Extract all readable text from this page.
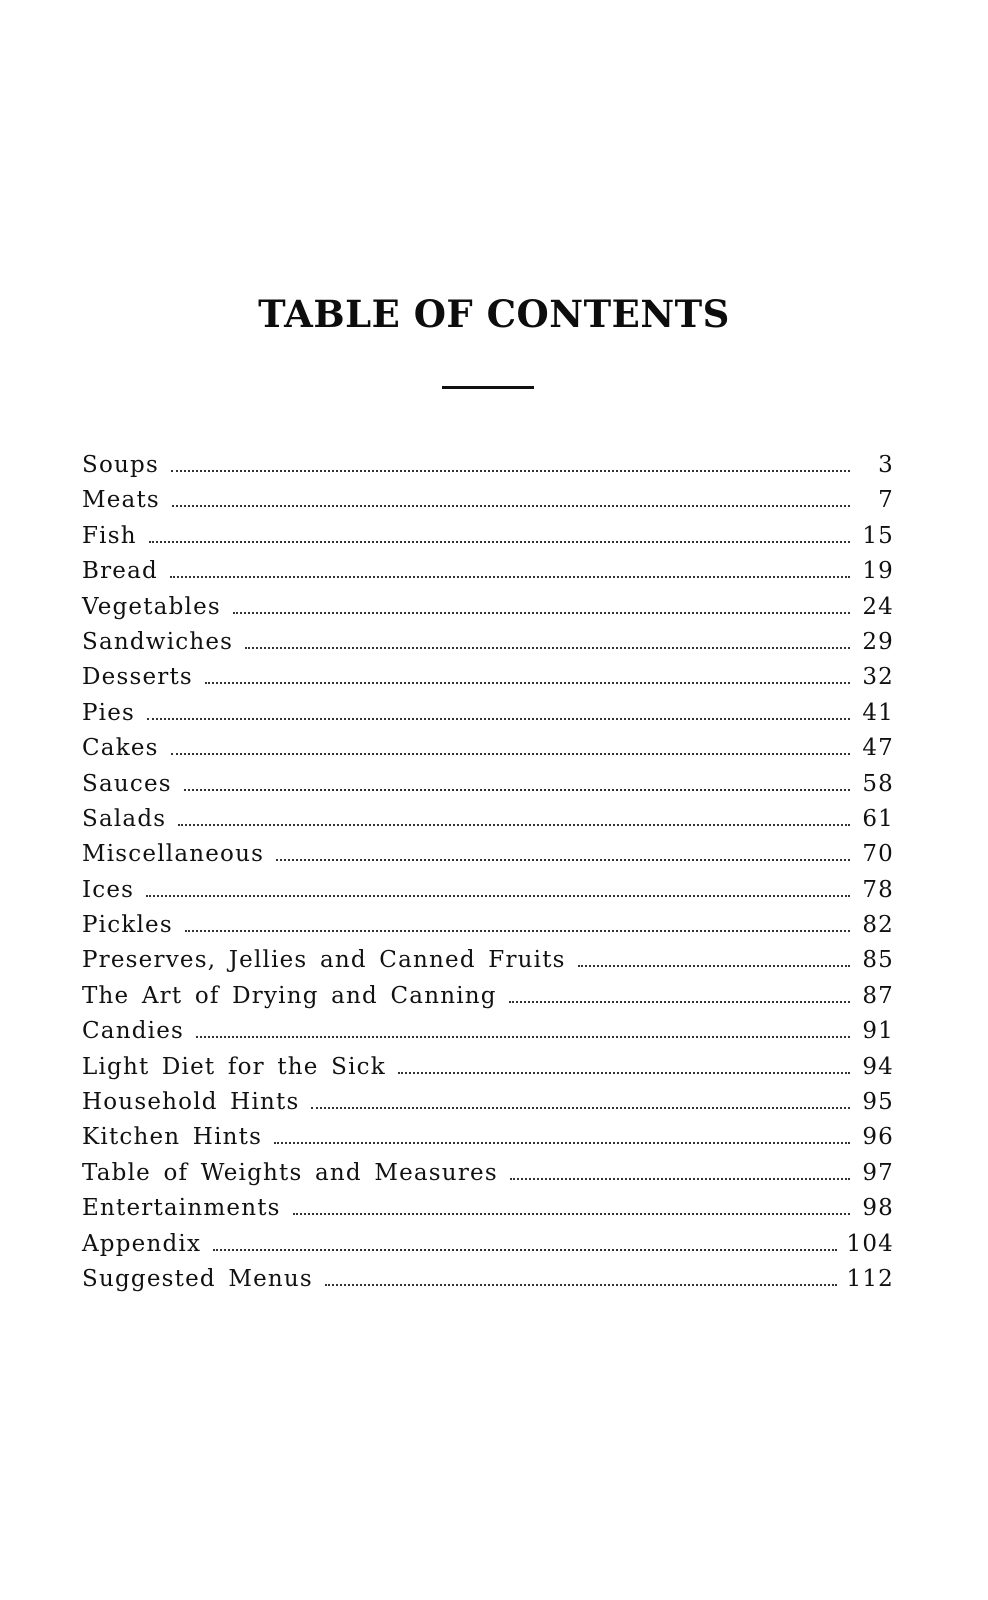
TABLE OF CONTENTS
Soups	3
Meats	7
Fish	15
Bread	19
Vegetables	24
Sandwiches	29
Desserts	32
Pies	41
Cakes	47
Sauces	58
Salads	61
Miscellaneous	70
Ices	78
Pickles	82
Preserves, Jellies and Canned Fruits	85
The Art of Drying and Canning	87
Candies	91
Light Diet for the Sick	94
Household Hints	95
Kitchen Hints	96
Table of Weights and Measures	97
Entertainments	98
Appendix	104
Suggested Menus	112
